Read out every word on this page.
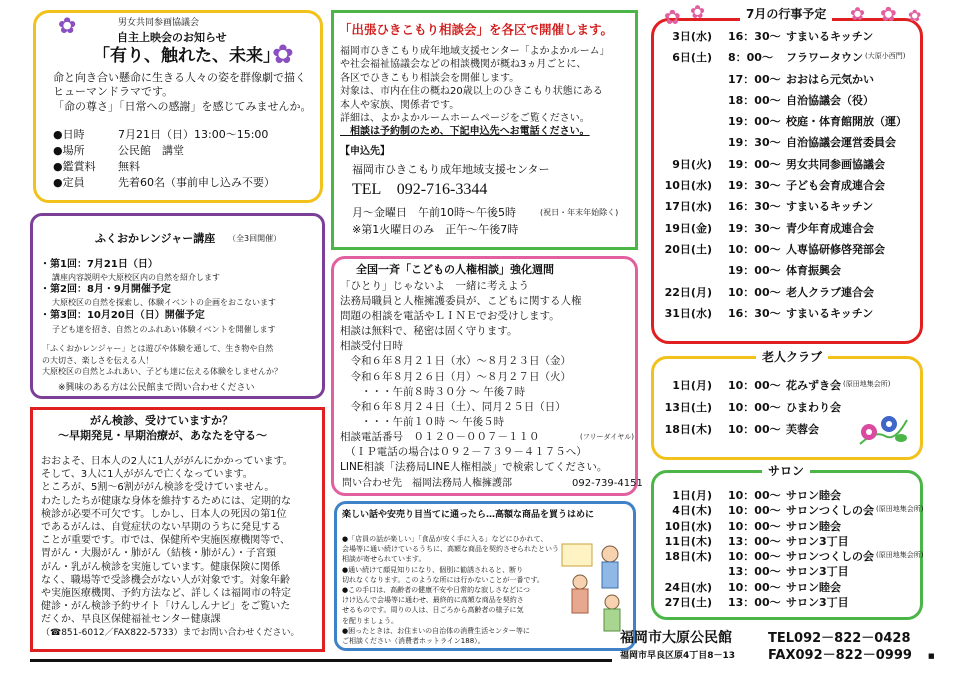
✿
✿
男女共同参画協議会
自主上映会のお知らせ
「有り、触れた、未来」
命と向き合い懸命に生きる人々の姿を群像劇で描く
ヒューマンドラマです。
「命の尊さ」「日常への感謝」を感じてみませんか。
●日時	7月21日（日）13:00～15:00
●場所	公民館　講堂
●鑑賞料 無料
●定員	先着60名（事前申し込み不要）
ふくおかレンジャー講座 （全3回開催）
・第1回：7月21日（日）
講座内容説明や大原校区内の自然を紹介します
・第2回：8月・9月開催予定
大原校区の自然を探索し、体験イベントの企画をおこないます
・第3回：10月20日（日）開催予定
子ども達を招き、自然とのふれあい体験イベントを開催します
「ふくおかレンジャー」とは遊びや体験を通して、生き物や自然
の大切さ、楽しさを伝える人！
大原校区の自然とふれあい、子ども達に伝える体験をしませんか？
※興味のある方は公民館まで問い合わせください
がん検診、受けていますか？
～早期発見・早期治療が、あなたを守る～
おおよそ、日本人の2人に1人ががんにかかっています。
そして、3人に1人ががんで亡くなっています。
ところが、5割～6割ががん検診を受けていません。
わたしたちが健康な身体を維持するためには、定期的な
検診が必要不可欠です。しかし、日本人の死因の第1位
であるがんは、自覚症状のない早期のうちに発見する
ことが重要です。市では、保健所や実施医療機関等で、
胃がん・大腸がん・肺がん（結核・肺がん）・子宮頸
がん・乳がん検診を実施しています。健康保険に関係
なく、職場等で受診機会がない人が対象です。対象年齢
や実施医療機関、予約方法など、詳しくは福岡市の特定
健診・がん検診予約サイト「けんしんナビ」をご覧いた
だくか、早良区保健福祉センター健康課
（☎851-6012／FAX822-5733）までお問い合わせください。
「出張ひきこもり相談会」を各区で開催します。
福岡市ひきこもり成年地域支援センター「よかよかルーム」
や社会福祉協議会などの相談機関が概ね3ヵ月ごとに、
各区でひきこもり相談会を開催します。
対象は、市内在住の概ね20歳以上のひきこもり状態にある
本人や家族、関係者です。
詳細は、よかよかルームホームページをご覧ください。
　相談は予約制のため、下記申込先へお電話ください。
【申込先】
福岡市ひきこもり成年地域支援センター
TEL　092-716-3344
月～金曜日　午前10時～午後5時	(祝日・年末年始除く)
※第1火曜日のみ　正午～午後7時
全国一斉「こどもの人権相談」強化週間
「ひとり」じゃないよ　一緒に考えよう
法務局職員と人権擁護委員が、こどもに関する人権
問題の相談を電話やＬＩＮＥでお受けします。
相談は無料で、秘密は固く守ります。
相談受付日時
　令和６年８月２１日（水）～８月２３日（金）
　令和６年８月２６日（月）～８月２７日（火）
　　・・・午前８時３０分 ～ 午後７時
　令和６年８月２４日（土）、同月２５日（日）
　　・・・午前１０時 ～ 午後５時
相談電話番号　０１２０－００７－１１０
　（ＩＰ電話の場合は０９２－７３９－４１７５へ）
LINE相談「法務局LINE人権相談」で検索してください。
(フリーダイヤル)
問い合わせ先　福岡法務局人権擁護部	092-739-4151
楽しい話や安売り目当てに通ったら…高額な商品を買うはめに
●「店員の話が楽しい」「食品が安く手に入る」などにひかれて、
会場等に通い続けているうちに、高額な商品を契約させられたという
相談が寄せられています。
●通い続けて顔見知りになり、個別に勧誘されると、断り
切れなくなります。このような所には行かないことが一番です。
●この手口は、高齢者の健康不安や日常的な寂しさなどにつ
けけ込んで会場等に通わせ、最終的に高額な商品を契約さ
せるものです。周りの人は、日ごろから高齢者の様子に気
を配りましょう。
●困ったときは、お住まいの自治体の消費生活センター等に
ご相談ください（消費者ホットライン188）。
✿ ✿	✿ ✿ ✿
7月の行事予定
3日(水) 16：30～ すまいるキッチン
6日(土) 8：00～ フラワータウン (大原小西門)
17：00～ おおはら元気かい
18：00～ 自治協議会（役）
19：00～ 校庭・体育館開放（運）
19：30～ 自治協議会運営委員会
9日(火) 19：00～ 男女共同参画協議会
10日(水) 19：30～ 子ども会育成連合会
17日(水) 16：30～ すまいるキッチン
19日(金) 19：30～ 青少年育成連合会
20日(土) 10：00～ 人専協研修啓発部会
19：00～ 体育振興会
22日(月) 10：00～ 老人クラブ連合会
31日(水) 16：30～ すまいるキッチン
老人クラブ
1日(月) 10：00～ 花みずき会 (原田地集会所)
13日(土) 10：00～ ひまわり会
18日(木) 10：00～ 芙蓉会
サロン
1日(月) 10：00～ サロン睦会
4日(木) 10：00～ サロンつくしの会 (原田地集会所)
10日(水) 10：00～ サロン睦会
11日(木) 13：00～ サロン3丁目
18日(木) 10：00～ サロンつくしの会 (原田地集会所)
13：00～ サロン3丁目
24日(水) 10：00～ サロン睦会
27日(土) 13：00～ サロン3丁目
福岡市大原公民館
福岡市早良区原4丁目8－13
TEL092－822－0428
FAX092－822－0999 ■
